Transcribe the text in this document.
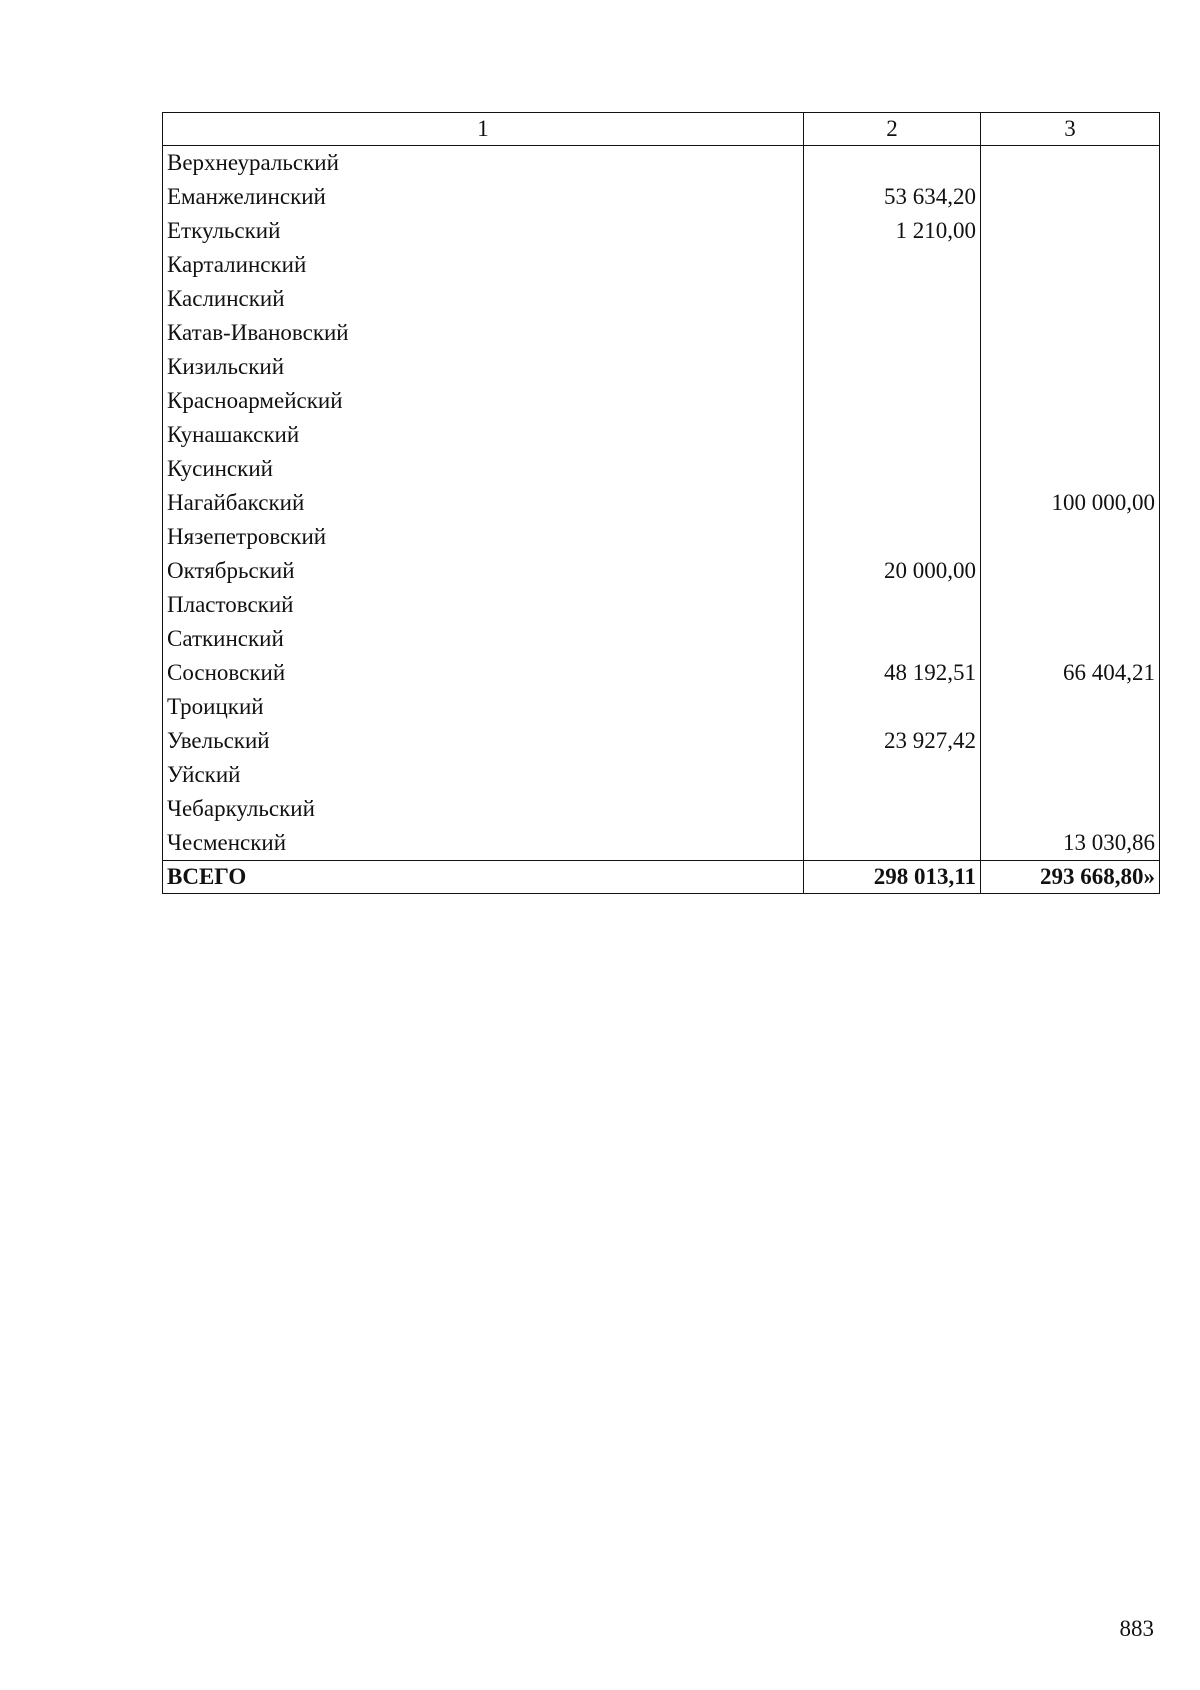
1	2	3
Верхнеуральский		
Еманжелинский	53 634,20	
Еткульский	1 210,00	
Карталинский		
Каслинский		
Катав-Ивановский		
Кизильский		
Красноармейский		
Кунашакский		
Кусинский		
Нагайбакский		100 000,00
Нязепетровский		
Октябрьский	20 000,00	
Пластовский		
Саткинский		
Сосновский	48 192,51	66 404,21
Троицкий		
Увельский	23 927,42	
Уйский		
Чебаркульский		
Чесменский		13 030,86
ВСЕГО	298 013,11	293 668,80»
883
